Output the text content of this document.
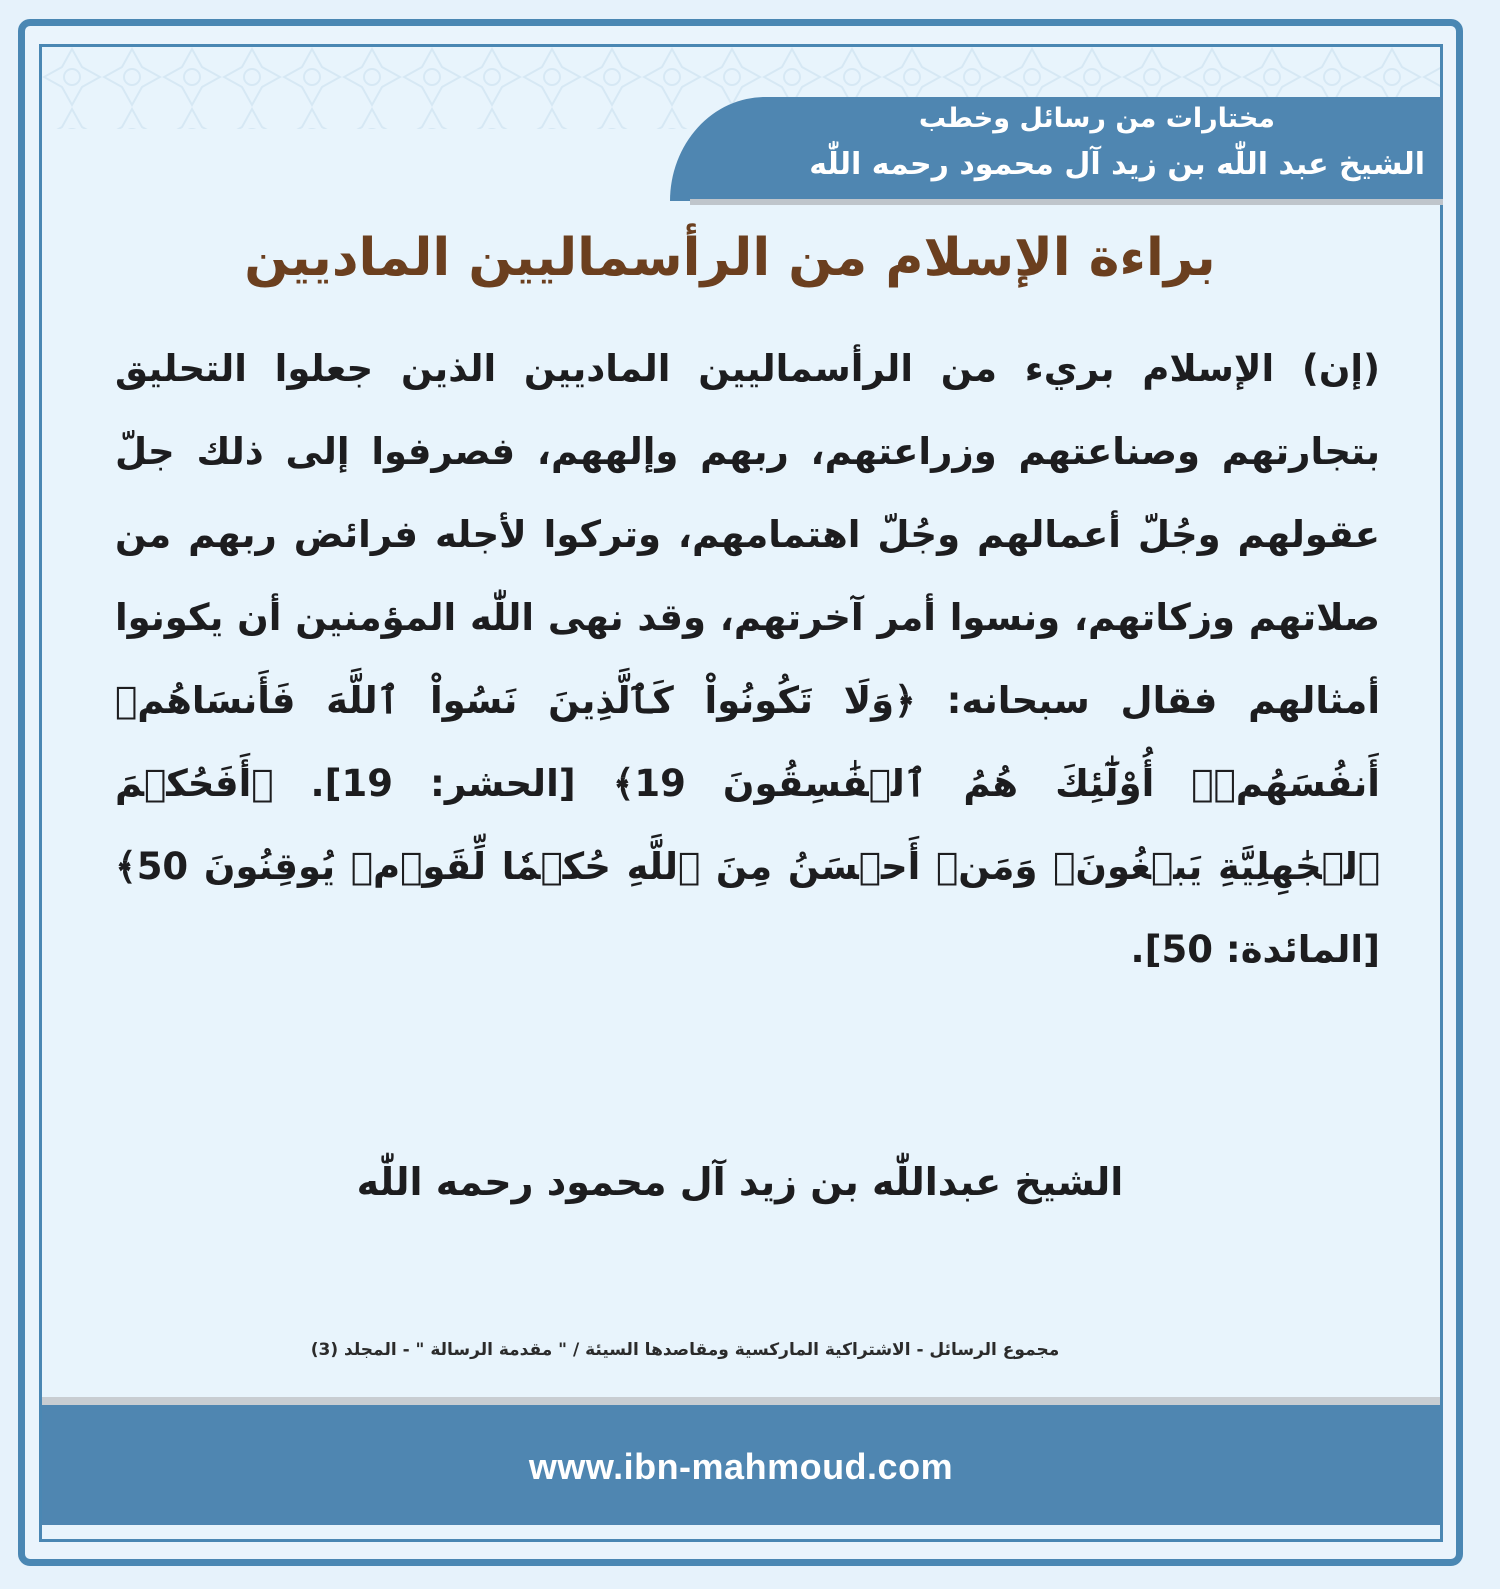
مختارات من رسائل وخطب
الشيخ عبد اللّٰه بن زيد آل محمود رحمه اللّٰه
براءة الإسلام من الرأسماليين الماديين
(إن) الإسلام بريء من الرأسماليين الماديين الذين جعلوا التحليق بتجارتهم وصناعتهم وزراعتهم، ربهم وإلههم، فصرفوا إلى ذلك جلّ عقولهم وجُلّ أعمالهم وجُلّ اهتمامهم، وتركوا لأجله فرائض ربهم من صلاتهم وزكاتهم، ونسوا أمر آخرتهم، وقد نهى اللّٰه المؤمنين أن يكونوا أمثالهم فقال سبحانه: ﴿وَلَا تَكُونُواْ كَٱلَّذِينَ نَسُواْ ٱللَّهَ فَأَنسَاهُمۡ أَنفُسَهُمۡۚ أُوْلَٰٓئِكَ هُمُ ٱلۡفَٰسِقُونَ 19﴾ [الحشر: 19]. ﴿أَفَحُكۡمَ ٱلۡجَٰهِلِيَّةِ يَبۡغُونَۚ وَمَنۡ أَحۡسَنُ مِنَ ٱللَّهِ حُكۡمٗا لِّقَوۡمٖ يُوقِنُونَ 50﴾ [المائدة: 50].
الشيخ عبداللّٰه بن زيد آل محمود رحمه اللّٰه
مجموع الرسائل - الاشتراكية الماركسية ومقاصدها السيئة / " مقدمة الرسالة " - المجلد (3)
www.ibn-mahmoud.com
